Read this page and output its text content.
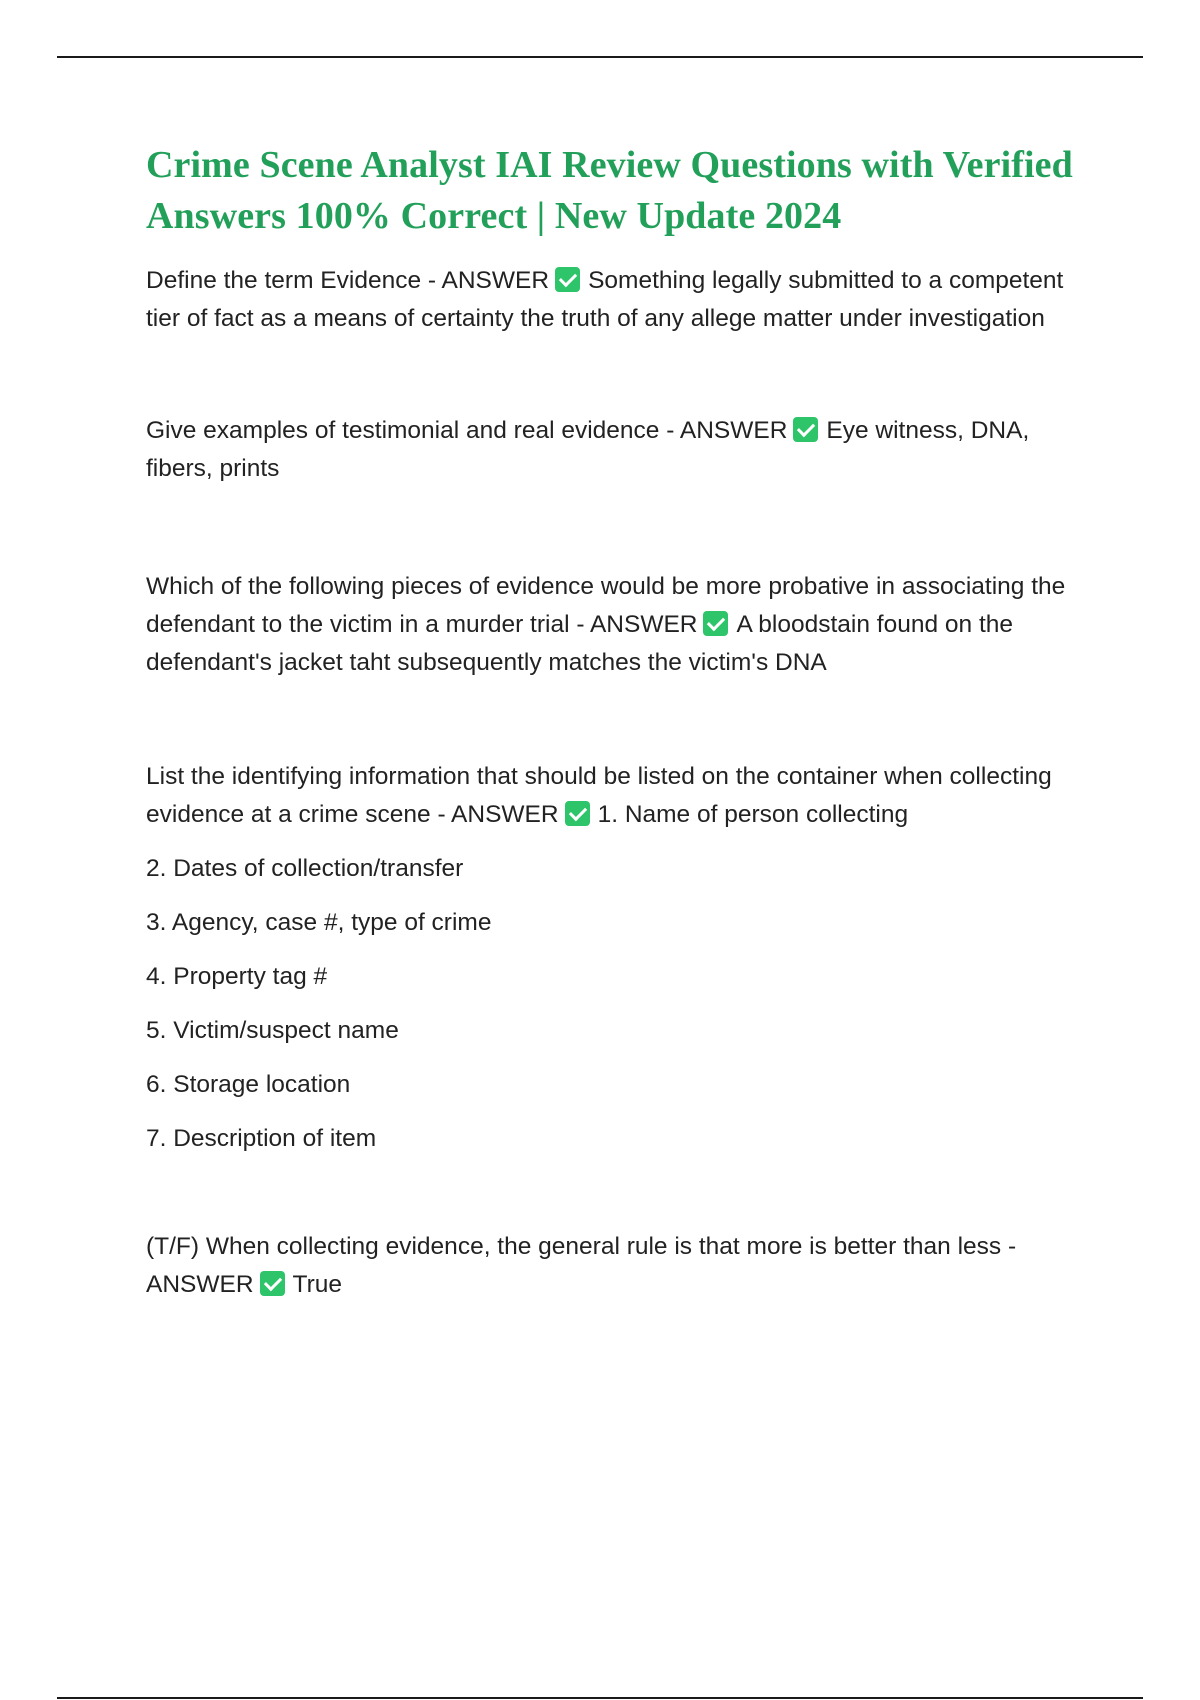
Crime Scene Analyst IAI Review Questions with Verified Answers 100% Correct | New Update 2024

Define the term Evidence - ANSWER Something legally submitted to a competent tier of fact as a means of certainty the truth of any allege matter under investigation

Give examples of testimonial and real evidence - ANSWER Eye witness, DNA, fibers, prints

Which of the following pieces of evidence would be more probative in associating the defendant to the victim in a murder trial - ANSWER A bloodstain found on the defendant's jacket taht subsequently matches the victim's DNA

List the identifying information that should be listed on the container when collecting evidence at a crime scene - ANSWER 1. Name of person collecting

2. Dates of collection/transfer

3. Agency, case #, type of crime

4. Property tag #

5. Victim/suspect name

6. Storage location

7. Description of item

(T/F) When collecting evidence, the general rule is that more is better than less - ANSWER True
